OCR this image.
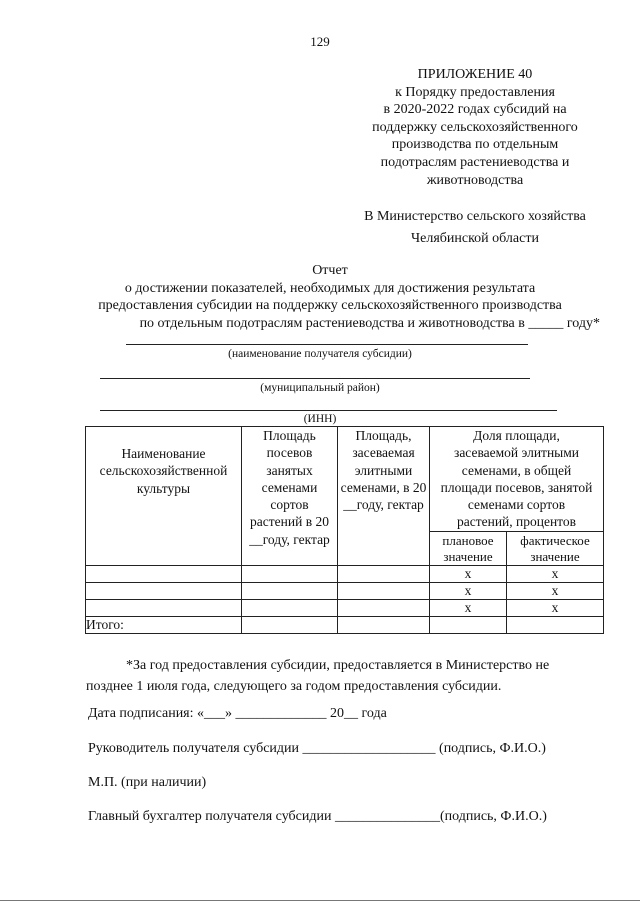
129
ПРИЛОЖЕНИЕ 40
к Порядку предоставления
в 2020-2022 годах субсидий на
поддержку сельскохозяйственного
производства по отдельным
подотраслям растениеводства и
животноводства
В Министерство сельского хозяйства
Челябинской области
Отчет
о достижении показателей, необходимых для достижения результата
предоставления субсидии на поддержку сельскохозяйственного производства
по отдельным подотраслям растениеводства и животноводства в _____ году*
(наименование получателя субсидии)
(муниципальный район)
(ИНН)
Наименование сельскохозяйственной культуры	Площадь посевов занятых семенами сортов растений в 20 __году, гектар	Площадь, засеваемая элитными семенами, в 20 __году, гектар	Доля площади, засеваемой элитными семенами, в общей площади посевов, занятой семенами сортов растений, процентов	
			плановое значение	фактическое значение
			x	x
			x	x
			x	x
Итого:				
*За год предоставления субсидии, предоставляется в Министерство не
позднее 1 июля года, следующего за годом предоставления субсидии.
Дата подписания: «___» _____________ 20__ года
Руководитель получателя субсидии ___________________ (подпись, Ф.И.О.)
М.П. (при наличии)
Главный бухгалтер получателя субсидии _______________(подпись, Ф.И.О.)
